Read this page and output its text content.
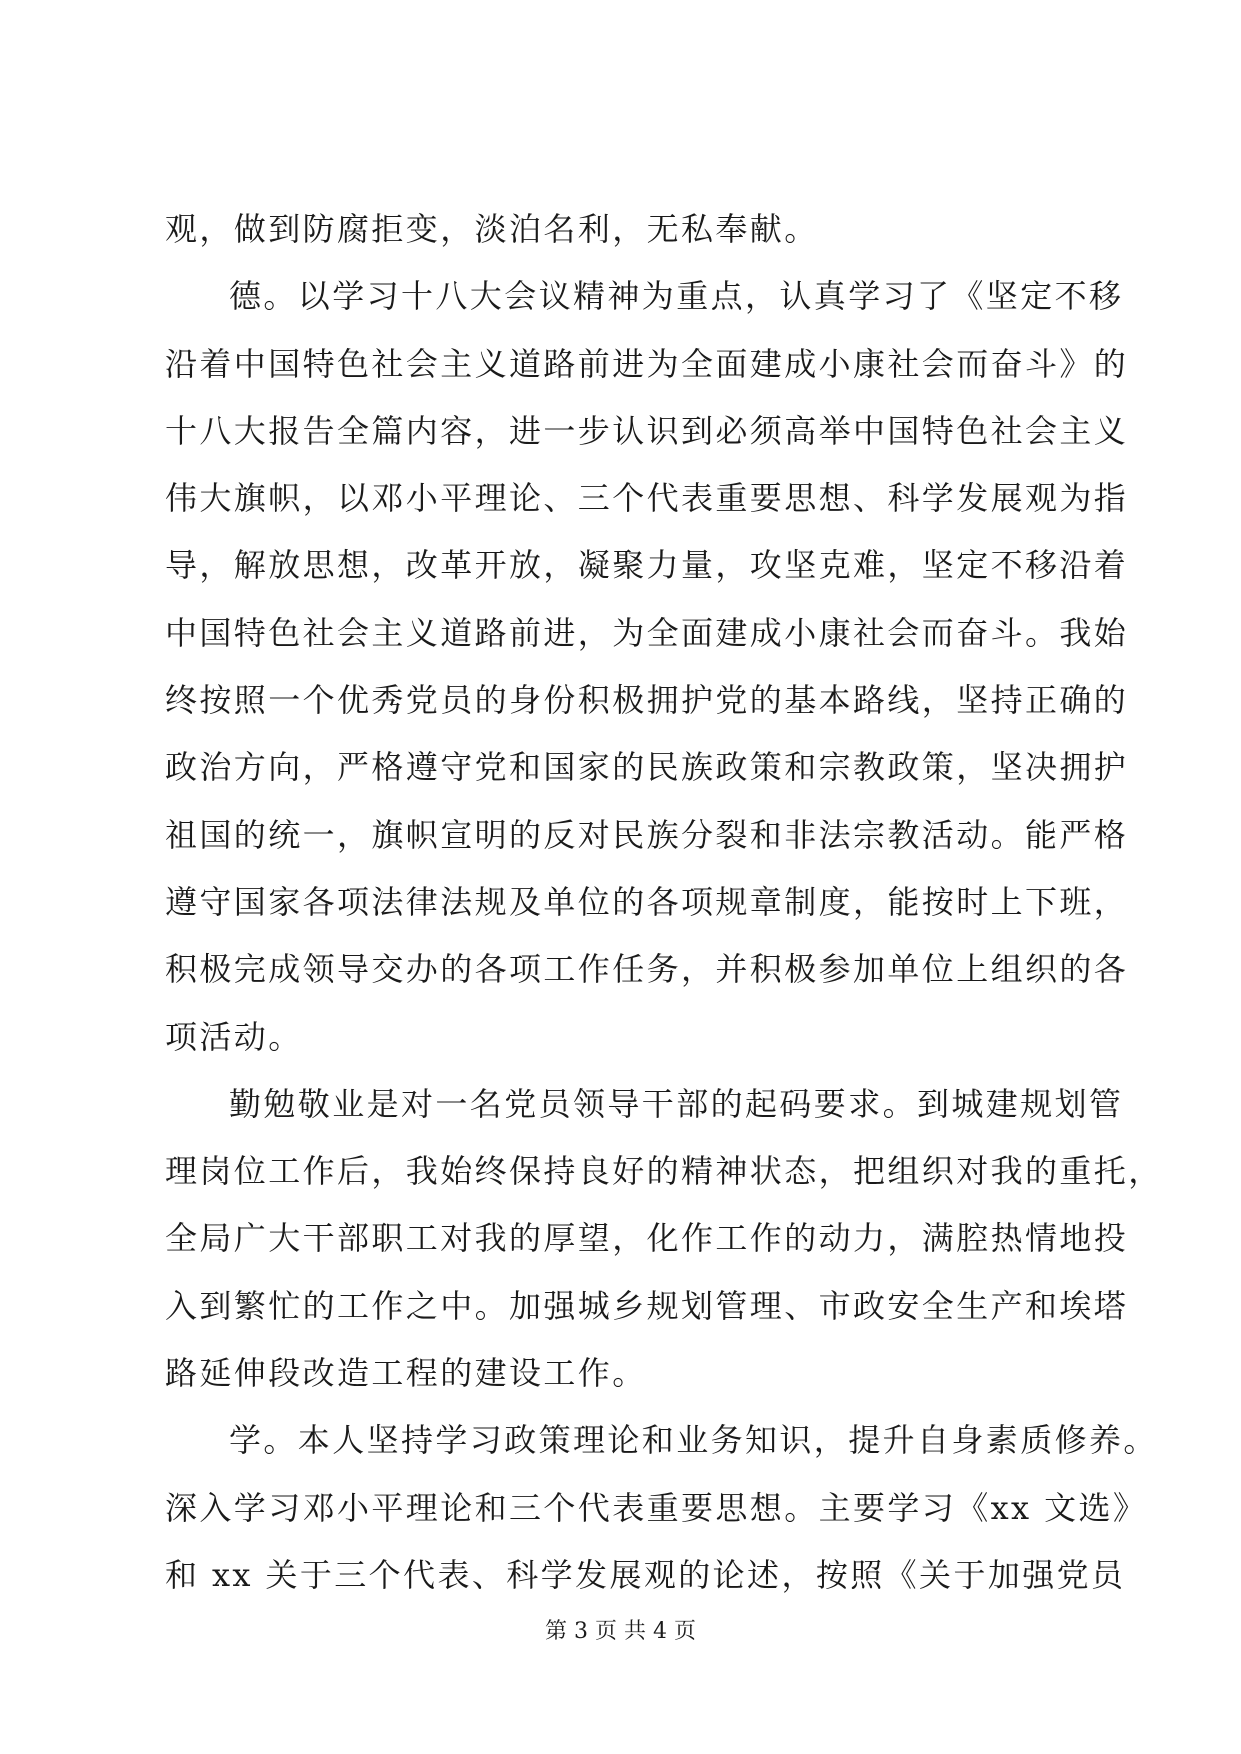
观，做到防腐拒变，淡泊名利，无私奉献。
德。以学习十八大会议精神为重点，认真学习了《坚定不移
沿着中国特色社会主义道路前进为全面建成小康社会而奋斗》的
十八大报告全篇内容，进一步认识到必须高举中国特色社会主义
伟大旗帜，以邓小平理论、三个代表重要思想、科学发展观为指
导，解放思想，改革开放，凝聚力量，攻坚克难，坚定不移沿着
中国特色社会主义道路前进，为全面建成小康社会而奋斗。我始
终按照一个优秀党员的身份积极拥护党的基本路线，坚持正确的
政治方向，严格遵守党和国家的民族政策和宗教政策，坚决拥护
祖国的统一，旗帜宣明的反对民族分裂和非法宗教活动。能严格
遵守国家各项法律法规及单位的各项规章制度，能按时上下班，
积极完成领导交办的各项工作任务，并积极参加单位上组织的各
项活动。
勤勉敬业是对一名党员领导干部的起码要求。到城建规划管
理岗位工作后，我始终保持良好的精神状态，把组织对我的重托，
全局广大干部职工对我的厚望，化作工作的动力，满腔热情地投
入到繁忙的工作之中。加强城乡规划管理、市政安全生产和埃塔
路延伸段改造工程的建设工作。
学。本人坚持学习政策理论和业务知识，提升自身素质修养。
深入学习邓小平理论和三个代表重要思想。主要学习《xx 文选》
和 xx 关于三个代表、科学发展观的论述，按照《关于加强党员
第 3 页 共 4 页
